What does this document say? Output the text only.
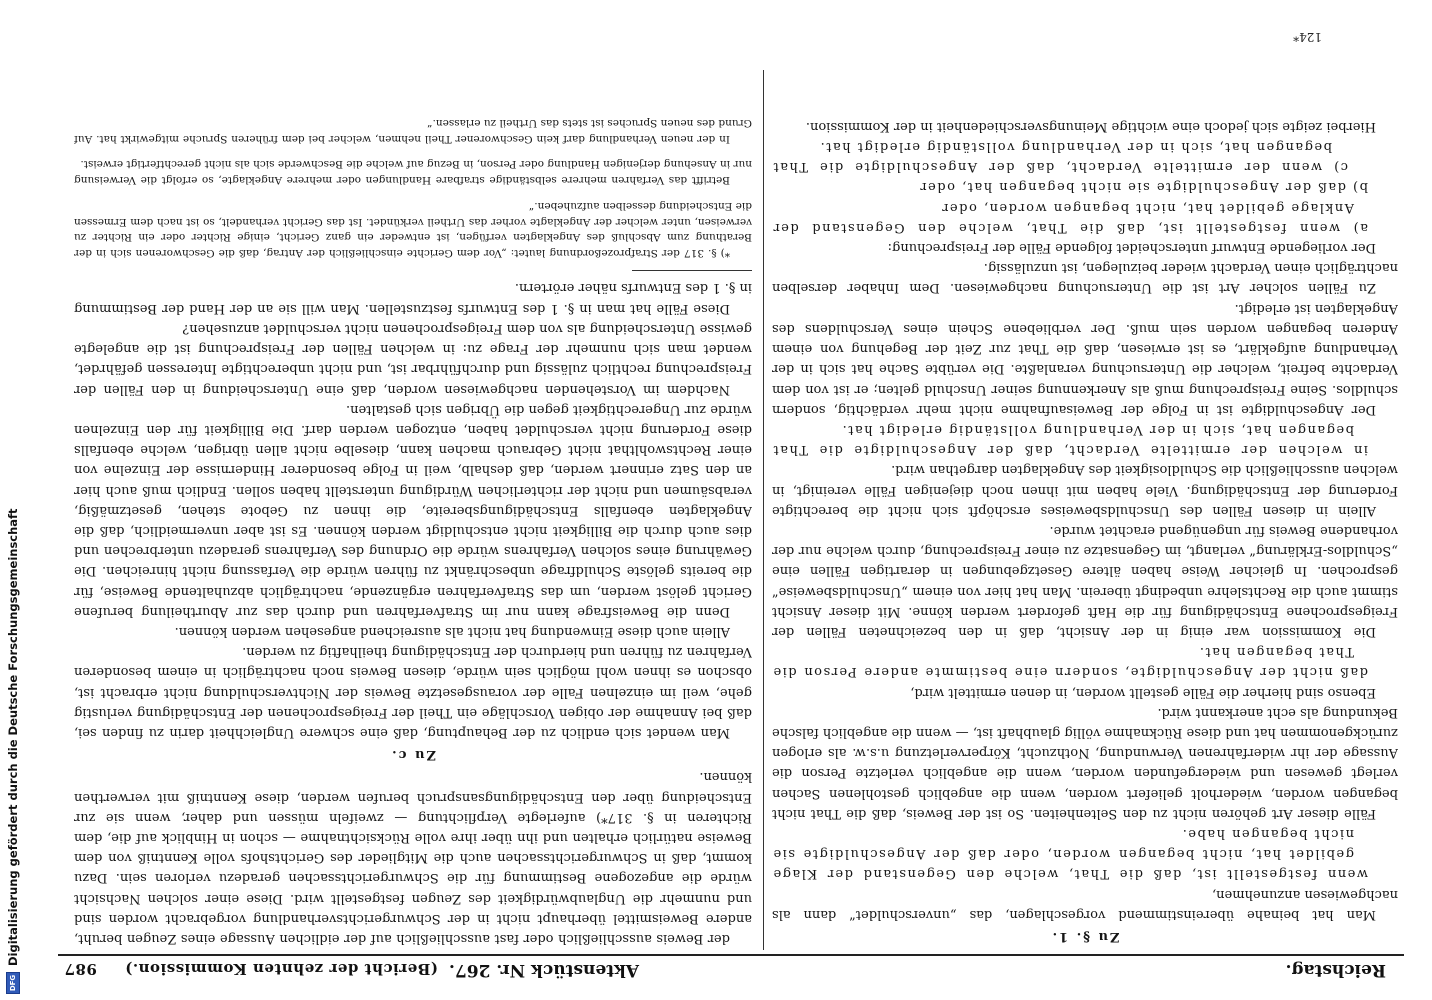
DFG
Digitalisierung gefördert durch die Deutsche Forschungsgemeinschaft
Reichstag.
Aktenstück Nr. 267.
(Bericht der zehnten Kommission.)
987

Zu §. 1.

Man hat beinahe übereinstimmend vorgeschlagen, das „unverschuldet“ dann als nachgewiesen anzunehmen,

wenn festgestellt ist, daß die That, welche den Gegenstand der Klage gebildet hat, nicht begangen worden, oder daß der Angeschuldigte sie nicht begangen habe.

Fälle dieser Art gehören nicht zu den Seltenheiten. So ist der Beweis, daß die That nicht begangen worden, wiederholt geliefert worden, wenn die angeblich gestohlenen Sachen verlegt gewesen und wiedergefunden worden, wenn die angeblich verletzte Person die Aussage der ihr widerfahrenen Verwundung, Nothzucht, Körperverletzung u.s.w. als erlogen zurückgenommen hat und diese Rücknahme völlig glaubhaft ist, — wenn die angeblich falsche Bekundung als echt anerkannt wird.

Ebenso sind hierher die Fälle gestellt worden, in denen ermittelt wird,

daß nicht der Angeschuldigte, sondern eine bestimmte andere Person die That begangen hat.

Die Kommission war einig in der Ansicht, daß in den bezeichneten Fällen der Freigesprochene Entschädigung für die Haft gefordert werden könne. Mit dieser Ansicht stimmt auch die Rechtslehre unbedingt überein. Man hat hier von einem „Unschuldsbeweise“ gesprochen. In gleicher Weise haben ältere Gesetzgebungen in derartigen Fällen eine „Schuldlos-Erklärung“ verlangt, im Gegensatze zu einer Freisprechung, durch welche nur der vorhandene Beweis für ungenügend erachtet wurde.

Allein in diesen Fällen des Unschuldsbeweises erschöpft sich nicht die berechtigte Forderung der Entschädigung. Viele haben mit ihnen noch diejenigen Fälle vereinigt, in welchen ausschließlich die Schuldlosigkeit des Angeklagten dargethan wird.

in welchen der ermittelte Verdacht, daß der Angeschuldigte die That begangen hat, sich in der Verhandlung vollständig erledigt hat.

Der Angeschuldigte ist in Folge der Beweisaufnahme nicht mehr verdächtig, sondern schuldlos. Seine Freisprechung muß als Anerkennung seiner Unschuld gelten; er ist von dem Verdachte befreit, welcher die Untersuchung veranlaßte. Die verübte Sache hat sich in der Verhandlung aufgeklärt, es ist erwiesen, daß die That zur Zeit der Begehung von einem Anderen begangen worden sein muß. Der verbliebene Schein eines Verschuldens des Angeklagten ist erledigt.

Zu Fällen solcher Art ist die Untersuchung nachgewiesen. Dem Inhaber derselben nachträglich einen Verdacht wieder beizulegen, ist unzulässig.

Der vorliegende Entwurf unterscheidet folgende Fälle der Freisprechung:

a) wenn festgestellt ist, daß die That, welche den Gegenstand der Anklage gebildet hat, nicht begangen worden, oder

b) daß der Angeschuldigte sie nicht begangen hat, oder

c) wenn der ermittelte Verdacht, daß der Angeschuldigte die That begangen hat, sich in der Verhandlung vollständig erledigt hat.

Hierbei zeigte sich jedoch eine wichtige Meinungsverschiedenheit in der Kommission.

der Beweis ausschließlich oder fast ausschließlich auf der eidlichen Aussage eines Zeugen beruht, andere Beweismittel überhaupt nicht in der Schwurgerichtsverhandlung vorgebracht worden sind und nunmehr die Unglaubwürdigkeit des Zeugen festgestellt wird. Diese einer solchen Nachsicht würde die angezogene Bestimmung für die Schwurgerichtssachen geradezu verloren sein. Dazu kommt, daß in Schwurgerichtssachen auch die Mitglieder des Gerichtshofs volle Kenntniß von dem Beweise natürlich erhalten und ihn über ihre volle Rücksichtnahme — schon in Hinblick auf die, dem Richteren in §. 317*) auferlegte Verpflichtung — zweifeln müssen und daher, wenn sie zur Entscheidung über den Entschädigungsanspruch berufen werden, diese Kenntniß mit verwerthen können.

Zu c.

Man wendet sich endlich zu der Behauptung, daß eine schwere Ungleichheit darin zu finden sei, daß bei Annahme der obigen Vorschläge ein Theil der Freigesprochenen der Entschädigung verlustig gehe, weil im einzelnen Falle der vorausgesetzte Beweis der Nichtverschuldung nicht erbracht ist, obschon es ihnen wohl möglich sein würde, diesen Beweis noch nachträglich in einem besonderen Verfahren zu führen und hierdurch der Entschädigung theilhaftig zu werden.

Allein auch diese Einwendung hat nicht als ausreichend angesehen werden können.

Denn die Beweisfrage kann nur im Strafverfahren und durch das zur Aburtheilung berufene Gericht gelöst werden, um das Strafverfahren ergänzende, nachträglich abzuhaltende Beweise, für die bereits gelöste Schuldfrage unbeschränkt zu führen würde die Verfassung nicht hinreichen. Die Gewährung eines solchen Verfahrens würde die Ordnung des Verfahrens geradezu unterbrechen und dies auch durch die Billigkeit nicht entschuldigt werden können. Es ist aber unvermeidlich, daß die Angeklagten ebenfalls Entschädigungsbereite, die ihnen zu Gebote stehen, gesetzmäßig, verabsäumen und nicht der richterlichen Würdigung unterstellt haben sollen. Endlich muß auch hier an den Satz erinnert werden, daß deshalb, weil in Folge besonderer Hindernisse der Einzelne von einer Rechtswohlthat nicht Gebrauch machen kann, dieselbe nicht allen übrigen, welche ebenfalls diese Forderung nicht verschuldet haben, entzogen werden darf. Die Billigkeit für den Einzelnen würde zur Ungerechtigkeit gegen die Übrigen sich gestalten.

Nachdem im Vorstehenden nachgewiesen worden, daß eine Unterscheidung in den Fällen der Freisprechung rechtlich zulässig und durchführbar ist, und nicht unberechtigte Interessen gefährdet, wendet man sich nunmehr der Frage zu: in welchen Fällen der Freisprechung ist die angelegte gewisse Unterscheidung als von dem Freigesprochenen nicht verschuldet anzusehen?

Diese Fälle hat man in §. 1 des Entwurfs festzustellen. Man will sie an der Hand der Bestimmung in §. 1 des Entwurfs näher erörtern.

*) §. 317 der Strafprozeßordnung lautet: „Vor dem Gerichte einschließlich der Antrag, daß die Geschworenen sich in der Berathung zum Abschluß des Angeklagten verfügen, ist entweder ein ganz Gericht, einige Richter oder ein Richter zu verweisen, unter welcher der Angeklagte vorher das Urtheil verkündet. Ist das Gericht verhandelt, so ist nach dem Ermessen die Entscheidung desselben aufzuheben.“

Betrifft das Verfahren mehrere selbständige strafbare Handlungen oder mehrere Angeklagte, so erfolgt die Verweisung nur in Ansehung derjenigen Handlung oder Person, in Bezug auf welche die Beschwerde sich als nicht gerechtfertigt erweist.

In der neuen Verhandlung darf kein Geschworener Theil nehmen, welcher bei dem früheren Spruche mitgewirkt hat. Auf Grund des neuen Spruches ist stets das Urtheil zu erlassen.“

124*
